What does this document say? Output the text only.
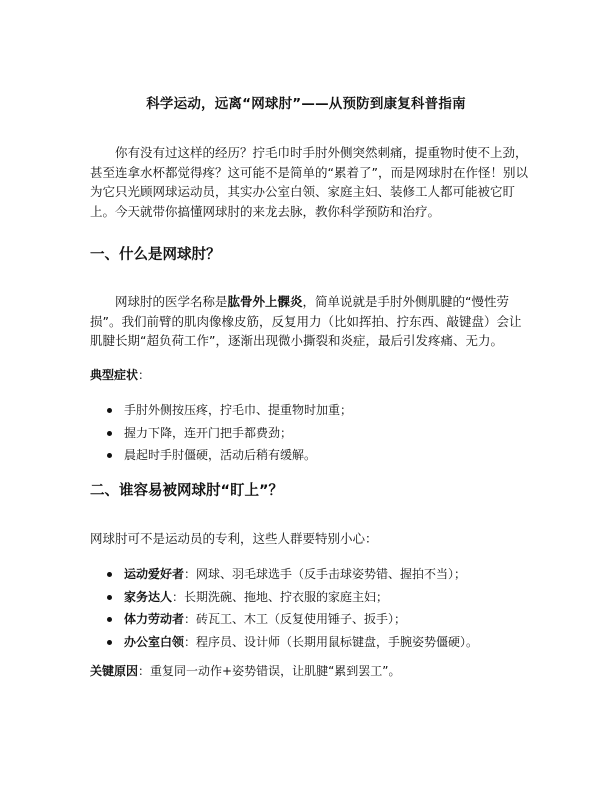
科学运动，远离“网球肘”——从预防到康复科普指南

你有没有过这样的经历？拧毛巾时手肘外侧突然刺痛，提重物时使不上劲，甚至连拿水杯都觉得疼？这可能不是简单的“累着了”，而是网球肘在作怪！别以为它只光顾网球运动员，其实办公室白领、家庭主妇、装修工人都可能被它盯上。今天就带你搞懂网球肘的来龙去脉，教你科学预防和治疗。

一、什么是网球肘？

网球肘的医学名称是肱骨外上髁炎，简单说就是手肘外侧肌腱的“慢性劳损”。我们前臂的肌肉像橡皮筋，反复用力（比如挥拍、拧东西、敲键盘）会让肌腱长期“超负荷工作”，逐渐出现微小撕裂和炎症，最后引发疼痛、无力。

典型症状：

手肘外侧按压疼，拧毛巾、提重物时加重；
握力下降，连开门把手都费劲；
晨起时手肘僵硬，活动后稍有缓解。
二、谁容易被网球肘“盯上”？

网球肘可不是运动员的专利，这些人群要特别小心：

运动爱好者：网球、羽毛球选手（反手击球姿势错、握拍不当）；
家务达人：长期洗碗、拖地、拧衣服的家庭主妇；
体力劳动者：砖瓦工、木工（反复使用锤子、扳手）；
办公室白领：程序员、设计师（长期用鼠标键盘，手腕姿势僵硬）。

关键原因：重复同一动作+姿势错误，让肌腱“累到罢工”。
